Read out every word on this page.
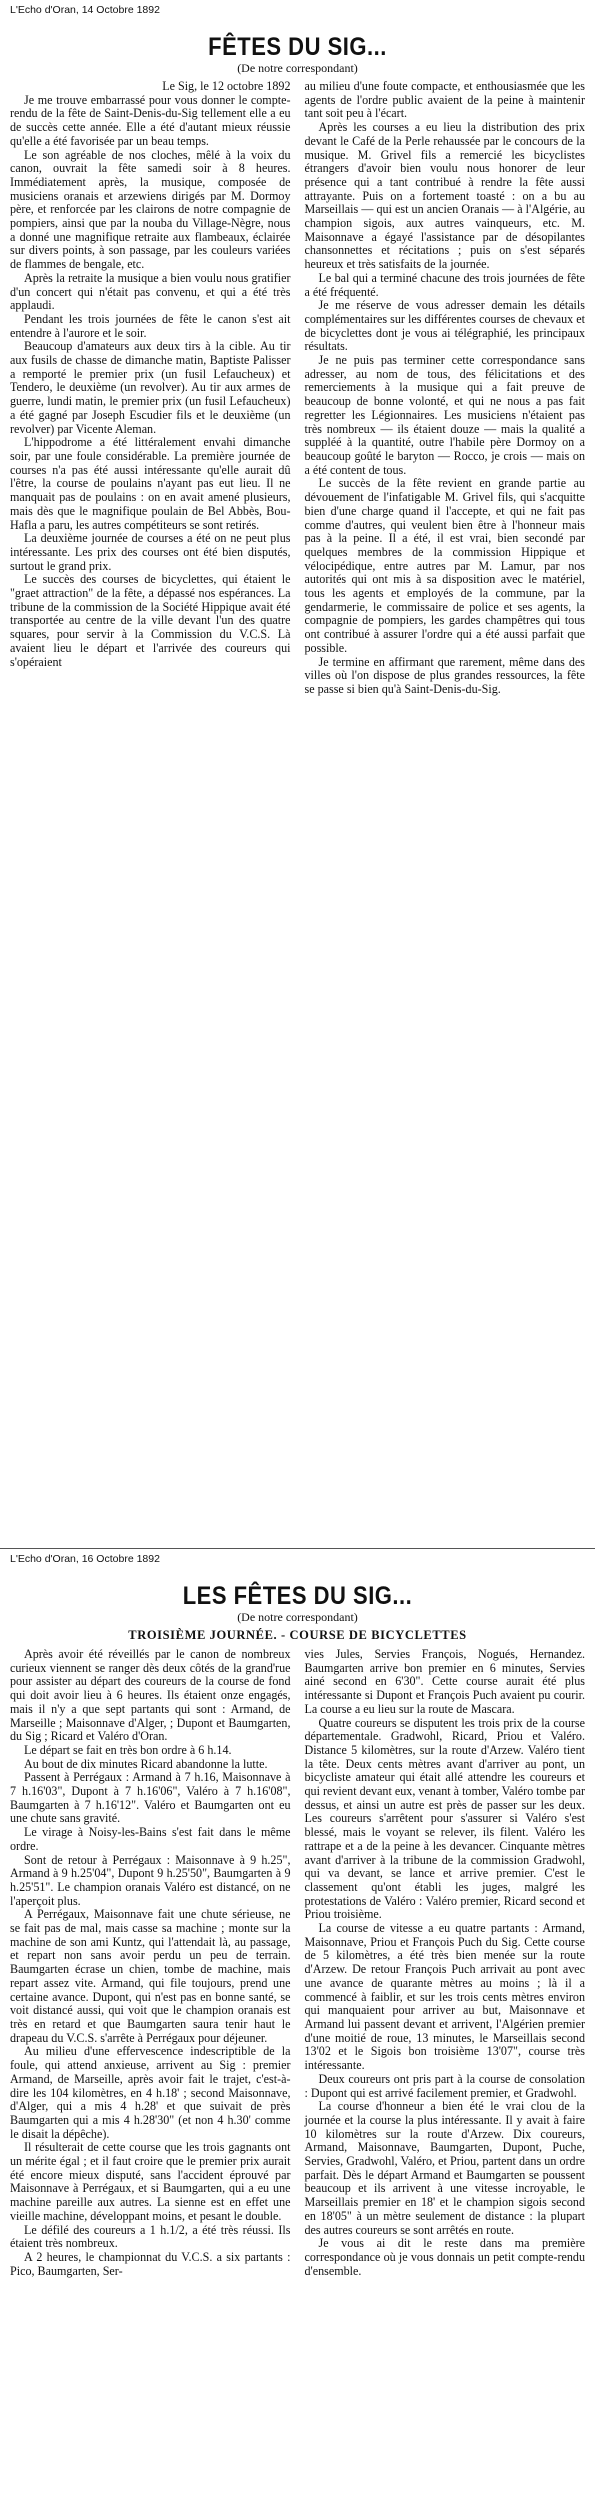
L'Echo d'Oran, 14 Octobre 1892
FÊTES DU SIG...
(De notre correspondant)

Le Sig, le 12 octobre 1892

Je me trouve embarrassé pour vous donner le compte-rendu de la fête de Saint-Denis-du-Sig tellement elle a eu de succès cette année. Elle a été d'autant mieux réussie qu'elle a été favorisée par un beau temps.

Le son agréable de nos cloches, mêlé à la voix du canon, ouvrait la fête samedi soir à 8 heures. Immédiatement après, la musique, composée de musiciens oranais et arzewiens dirigés par M. Dormoy père, et renforcée par les clairons de notre compagnie de pompiers, ainsi que par la nouba du Village-Nègre, nous a donné une magnifique retraite aux flambeaux, éclairée sur divers points, à son passage, par les couleurs variées de flammes de bengale, etc.

Après la retraite la musique a bien voulu nous gratifier d'un concert qui n'était pas convenu, et qui a été très applaudi.

Pendant les trois journées de fête le canon s'est ait entendre à l'aurore et le soir.

Beaucoup d'amateurs aux deux tirs à la cible. Au tir aux fusils de chasse de dimanche matin, Baptiste Palisser a remporté le premier prix (un fusil Lefaucheux) et Tendero, le deuxième (un revolver). Au tir aux armes de guerre, lundi matin, le premier prix (un fusil Lefaucheux) a été gagné par Joseph Escudier fils et le deuxième (un revolver) par Vicente Aleman.

L'hippodrome a été littéralement envahi dimanche soir, par une foule considérable. La première journée de courses n'a pas été aussi intéressante qu'elle aurait dû l'être, la course de poulains n'ayant pas eut lieu. Il ne manquait pas de poulains : on en avait amené plusieurs, mais dès que le magnifique poulain de Bel Abbès, Bou-Hafla a paru, les autres compétiteurs se sont retirés.

La deuxième journée de courses a été on ne peut plus intéressante. Les prix des courses ont été bien disputés, surtout le grand prix.

Le succès des courses de bicyclettes, qui étaient le "graet attraction" de la fête, a dépassé nos espérances. La tribune de la commission de la Société Hippique avait été transportée au centre de la ville devant l'un des quatre squares, pour servir à la Commission du V.C.S. Là avaient lieu le départ et l'arrivée des coureurs qui s'opéraient

au milieu d'une foute compacte, et enthousiasmée que les agents de l'ordre public avaient de la peine à maintenir tant soit peu à l'écart.

Après les courses a eu lieu la distribution des prix devant le Café de la Perle rehaussée par le concours de la musique. M. Grivel fils a remercié les bicyclistes étrangers d'avoir bien voulu nous honorer de leur présence qui a tant contribué à rendre la fête aussi attrayante. Puis on a fortement toasté : on a bu au Marseillais — qui est un ancien Oranais — à l'Algérie, au champion sigois, aux autres vainqueurs, etc. M. Maisonnave a égayé l'assistance par de désopilantes chansonnettes et récitations ; puis on s'est séparés heureux et très satisfaits de la journée.

Le bal qui a terminé chacune des trois journées de fête a été fréquenté.

Je me réserve de vous adresser demain les détails complémentaires sur les différentes courses de chevaux et de bicyclettes dont je vous ai télégraphié, les principaux résultats.

Je ne puis pas terminer cette correspondance sans adresser, au nom de tous, des félicitations et des remerciements à la musique qui a fait preuve de beaucoup de bonne volonté, et qui ne nous a pas fait regretter les Légionnaires. Les musiciens n'étaient pas très nombreux — ils étaient douze — mais la qualité a suppléé à la quantité, outre l'habile père Dormoy on a beaucoup goûté le baryton — Rocco, je crois — mais on a été content de tous.

Le succès de la fête revient en grande partie au dévouement de l'infatigable M. Grivel fils, qui s'acquitte bien d'une charge quand il l'accepte, et qui ne fait pas comme d'autres, qui veulent bien être à l'honneur mais pas à la peine. Il a été, il est vrai, bien secondé par quelques membres de la commission Hippique et vélocipédique, entre autres par M. Lamur, par nos autorités qui ont mis à sa disposition avec le matériel, tous les agents et employés de la commune, par la gendarmerie, le commissaire de police et ses agents, la compagnie de pompiers, les gardes champêtres qui tous ont contribué à assurer l'ordre qui a été aussi parfait que possible.

Je termine en affirmant que rarement, même dans des villes où l'on dispose de plus grandes ressources, la fête se passe si bien qu'à Saint-Denis-du-Sig.

L'Echo d'Oran, 16 Octobre 1892
LES FÊTES DU SIG...
(De notre correspondant)
TROISIÈME JOURNÉE. - COURSE DE BICYCLETTES

Après avoir été réveillés par le canon de nombreux curieux viennent se ranger dès deux côtés de la grand'rue pour assister au départ des coureurs de la course de fond qui doit avoir lieu à 6 heures. Ils étaient onze engagés, mais il n'y a que sept partants qui sont : Armand, de Marseille ; Maisonnave d'Alger, ; Dupont et Baumgarten, du Sig ; Ricard et Valéro d'Oran.

Le départ se fait en très bon ordre à 6 h.14.

Au bout de dix minutes Ricard abandonne la lutte.

Passent à Perrégaux : Armand à 7 h.16, Maisonnave à 7 h.16'03", Dupont à 7 h.16'06", Valéro à 7 h.16'08", Baumgarten à 7 h.16'12". Valéro et Baumgarten ont eu une chute sans gravité.

Le virage à Noisy-les-Bains s'est fait dans le même ordre.

Sont de retour à Perrégaux : Maisonnave à 9 h.25", Armand à 9 h.25'04", Dupont 9 h.25'50", Baumgarten à 9 h.25'51". Le champion oranais Valéro est distancé, on ne l'aperçoit plus.

A Perrégaux, Maisonnave fait une chute sérieuse, ne se fait pas de mal, mais casse sa machine ; monte sur la machine de son ami Kuntz, qui l'attendait là, au passage, et repart non sans avoir perdu un peu de terrain. Baumgarten écrase un chien, tombe de machine, mais repart assez vite. Armand, qui file toujours, prend une certaine avance. Dupont, qui n'est pas en bonne santé, se voit distancé aussi, qui voit que le champion oranais est très en retard et que Baumgarten saura tenir haut le drapeau du V.C.S. s'arrête à Perrégaux pour déjeuner.

Au milieu d'une effervescence indescriptible de la foule, qui attend anxieuse, arrivent au Sig : premier Armand, de Marseille, après avoir fait le trajet, c'est-à-dire les 104 kilomètres, en 4 h.18' ; second Maisonnave, d'Alger, qui a mis 4 h.28' et que suivait de près Baumgarten qui a mis 4 h.28'30" (et non 4 h.30' comme le disait la dépêche).

Il résulterait de cette course que les trois gagnants ont un mérite égal ; et il faut croire que le premier prix aurait été encore mieux disputé, sans l'accident éprouvé par Maisonnave à Perrégaux, et si Baumgarten, qui a eu une machine pareille aux autres. La sienne est en effet une vieille machine, développant moins, et pesant le double.

Le défilé des coureurs a 1 h.1/2, a été très réussi. Ils étaient très nombreux.

A 2 heures, le championnat du V.C.S. a six partants : Pico, Baumgarten, Ser-

vies Jules, Servies François, Nogués, Hernandez. Baumgarten arrive bon premier en 6 minutes, Servies ainé second en 6'30". Cette course aurait été plus intéressante si Dupont et François Puch avaient pu courir. La course a eu lieu sur la route de Mascara.

Quatre coureurs se disputent les trois prix de la course départementale. Gradwohl, Ricard, Priou et Valéro. Distance 5 kilomètres, sur la route d'Arzew. Valéro tient la tête. Deux cents mètres avant d'arriver au pont, un bicycliste amateur qui était allé attendre les coureurs et qui revient devant eux, venant à tomber, Valéro tombe par dessus, et ainsi un autre est près de passer sur les deux. Les coureurs s'arrêtent pour s'assurer si Valéro s'est blessé, mais le voyant se relever, ils filent. Valéro les rattrape et a de la peine à les devancer. Cinquante mètres avant d'arriver à la tribune de la commission Gradwohl, qui va devant, se lance et arrive premier. C'est le classement qu'ont établi les juges, malgré les protestations de Valéro : Valéro premier, Ricard second et Priou troisième.

La course de vitesse a eu quatre partants : Armand, Maisonnave, Priou et François Puch du Sig. Cette course de 5 kilomètres, a été très bien menée sur la route d'Arzew. De retour François Puch arrivait au pont avec une avance de quarante mètres au moins ; là il a commencé à faiblir, et sur les trois cents mètres environ qui manquaient pour arriver au but, Maisonnave et Armand lui passent devant et arrivent, l'Algérien premier d'une moitié de roue, 13 minutes, le Marseillais second 13'02 et le Sigois bon troisième 13'07", course très intéressante.

Deux coureurs ont pris part à la course de consolation : Dupont qui est arrivé facilement premier, et Gradwohl.

La course d'honneur a bien été le vrai clou de la journée et la course la plus intéressante. Il y avait à faire 10 kilomètres sur la route d'Arzew. Dix coureurs, Armand, Maisonnave, Baumgarten, Dupont, Puche, Servies, Gradwohl, Valéro, et Priou, partent dans un ordre parfait. Dès le départ Armand et Baumgarten se poussent beaucoup et ils arrivent à une vitesse incroyable, le Marseillais premier en 18' et le champion sigois second en 18'05" à un mètre seulement de distance : la plupart des autres coureurs se sont arrêtés en route.

Je vous ai dit le reste dans ma première correspondance où je vous donnais un petit compte-rendu d'ensemble.
